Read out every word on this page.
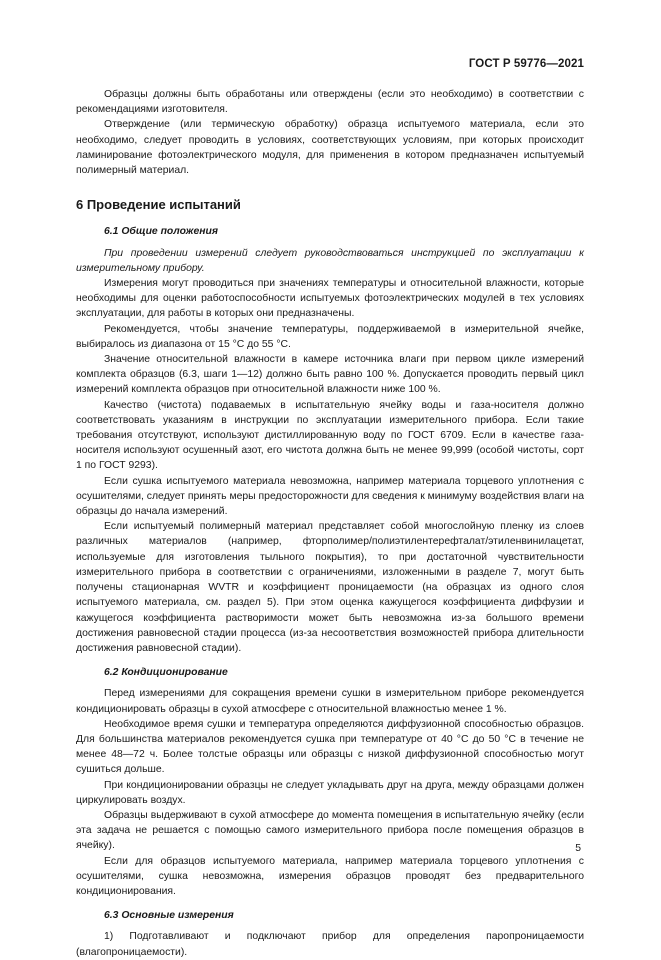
ГОСТ Р 59776—2021

Образцы должны быть обработаны или отверждены (если это необходимо) в соответствии с рекомендациями изготовителя.

Отверждение (или термическую обработку) образца испытуемого материала, если это необходимо, следует проводить в условиях, соответствующих условиям, при которых происходит ламинирование фотоэлектрического модуля, для применения в котором предназначен испытуемый полимерный материал.

6 Проведение испытаний
6.1 Общие положения

При проведении измерений следует руководствоваться инструкцией по эксплуатации к измерительному прибору.

Измерения могут проводиться при значениях температуры и относительной влажности, которые необходимы для оценки работоспособности испытуемых фотоэлектрических модулей в тех условиях эксплуатации, для работы в которых они предназначены.

Рекомендуется, чтобы значение температуры, поддерживаемой в измерительной ячейке, выбиралось из диапазона от 15 °С до 55 °С.

Значение относительной влажности в камере источника влаги при первом цикле измерений комплекта образцов (6.3, шаги 1—12) должно быть равно 100 %. Допускается проводить первый цикл измерений комплекта образцов при относительной влажности ниже 100 %.

Качество (чистота) подаваемых в испытательную ячейку воды и газа-носителя должно соответствовать указаниям в инструкции по эксплуатации измерительного прибора. Если такие требования отсутствуют, используют дистиллированную воду по ГОСТ 6709. Если в качестве газа-носителя используют осушенный азот, его чистота должна быть не менее 99,999 (особой чистоты, сорт 1 по ГОСТ 9293).

Если сушка испытуемого материала невозможна, например материала торцевого уплотнения с осушителями, следует принять меры предосторожности для сведения к минимуму воздействия влаги на образцы до начала измерений.

Если испытуемый полимерный материал представляет собой многослойную пленку из слоев различных материалов (например, фторполимер/полиэтилентерефталат/этиленвинилацетат, используемые для изготовления тыльного покрытия), то при достаточной чувствительности измерительного прибора в соответствии с ограничениями, изложенными в разделе 7, могут быть получены стационарная WVTR и коэффициент проницаемости (на образцах из одного слоя испытуемого материала, см. раздел 5). При этом оценка кажущегося коэффициента диффузии и кажущегося коэффициента растворимости может быть невозможна из-за большого времени достижения равновесной стадии процесса (из-за несоответствия возможностей прибора длительности достижения равновесной стадии).

6.2 Кондиционирование

Перед измерениями для сокращения времени сушки в измерительном приборе рекомендуется кондиционировать образцы в сухой атмосфере с относительной влажностью менее 1 %.

Необходимое время сушки и температура определяются диффузионной способностью образцов. Для большинства материалов рекомендуется сушка при температуре от 40 °С до 50 °С в течение не менее 48—72 ч. Более толстые образцы или образцы с низкой диффузионной способностью могут сушиться дольше.

При кондиционировании образцы не следует укладывать друг на друга, между образцами должен циркулировать воздух.

Образцы выдерживают в сухой атмосфере до момента помещения в испытательную ячейку (если эта задача не решается с помощью самого измерительного прибора после помещения образцов в ячейку).

Если для образцов испытуемого материала, например материала торцевого уплотнения с осушителями, сушка невозможна, измерения образцов проводят без предварительного кондиционирования.

6.3 Основные измерения

1) Подготавливают и подключают прибор для определения паропроницаемости (влагопроницаемости).

5
